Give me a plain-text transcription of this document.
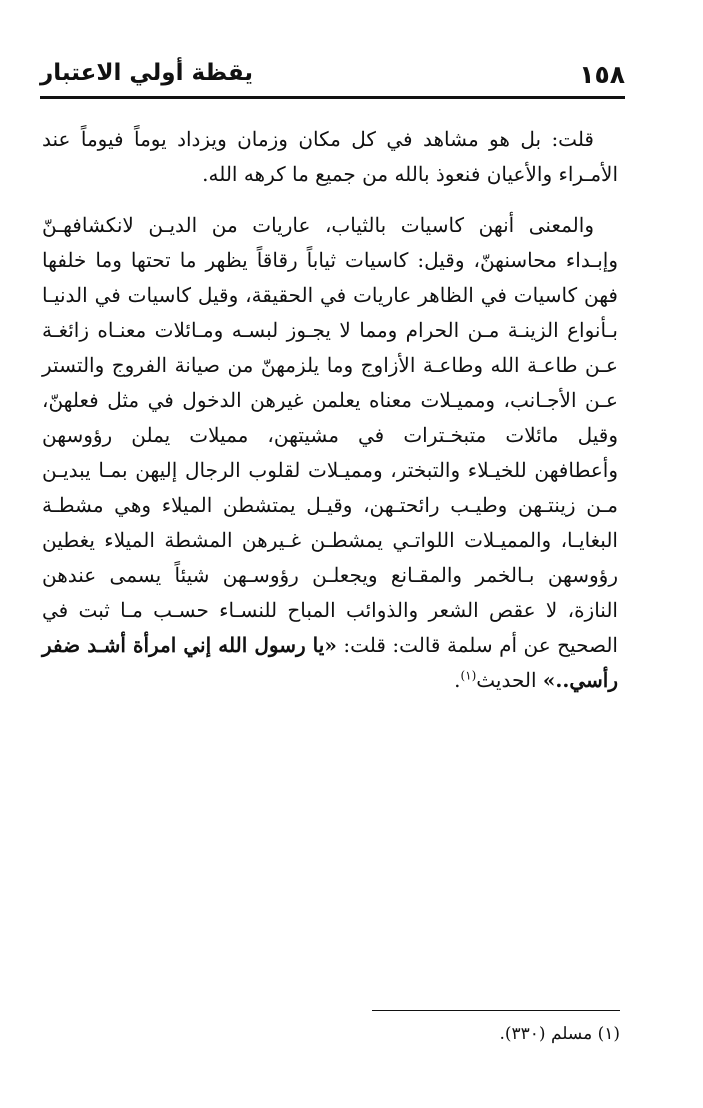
١٥٨
يقظة أولي الاعتبار

قلت: بل هو مشاهد في كل مكان وزمان ويزداد يوماً فيوماً عند الأمـراء والأعيان فنعوذ بالله من جميع ما كرهه الله.

والمعنى أنهن كاسيات بالثياب، عاريات من الديـن لانكشافهـنّ وإبـداء محاسنهنّ، وقيل: كاسيات ثياباً رقاقاً يظهر ما تحتها وما خلفها فهن كاسيات في الظاهر عاريات في الحقيقة، وقيل كاسيات في الدنيـا بـأنواع الزينـة مـن الحرام ومما لا يجـوز لبسـه ومـائلات معنـاه زائغـة عـن طاعـة الله وطاعـة الأزاوج وما يلزمهنّ من صيانة الفروج والتستر عـن الأجـانب، ومميـلات معناه يعلمن غيرهن الدخول في مثل فعلهنّ، وقيل مائلات متبخـترات في مشيتهن، مميلات يملن رؤوسهن وأعطافهن للخيـلاء والتبختر، ومميـلات لقلوب الرجال إليهن بمـا يبديـن مـن زينتـهن وطيـب رائحتـهن، وقيـل يمتشطن الميلاء وهي مشطـة البغايـا، والمميـلات اللواتـي يمشطـن غـيرهن المشطة الميلاء يغطين رؤوسهن بـالخمر والمقـانع ويجعلـن رؤوسـهن شيئاً يسمى عندهن النازة، لا عقص الشعر والذوائب المباح للنسـاء حسـب مـا ثبت في الصحيح عن أم سلمة قالت: قلت: «يا رسول الله إني امرأة أشـد ضفر رأسي..» الحديث$^{(١)}$.

(١) مسلم (٣٣٠).
